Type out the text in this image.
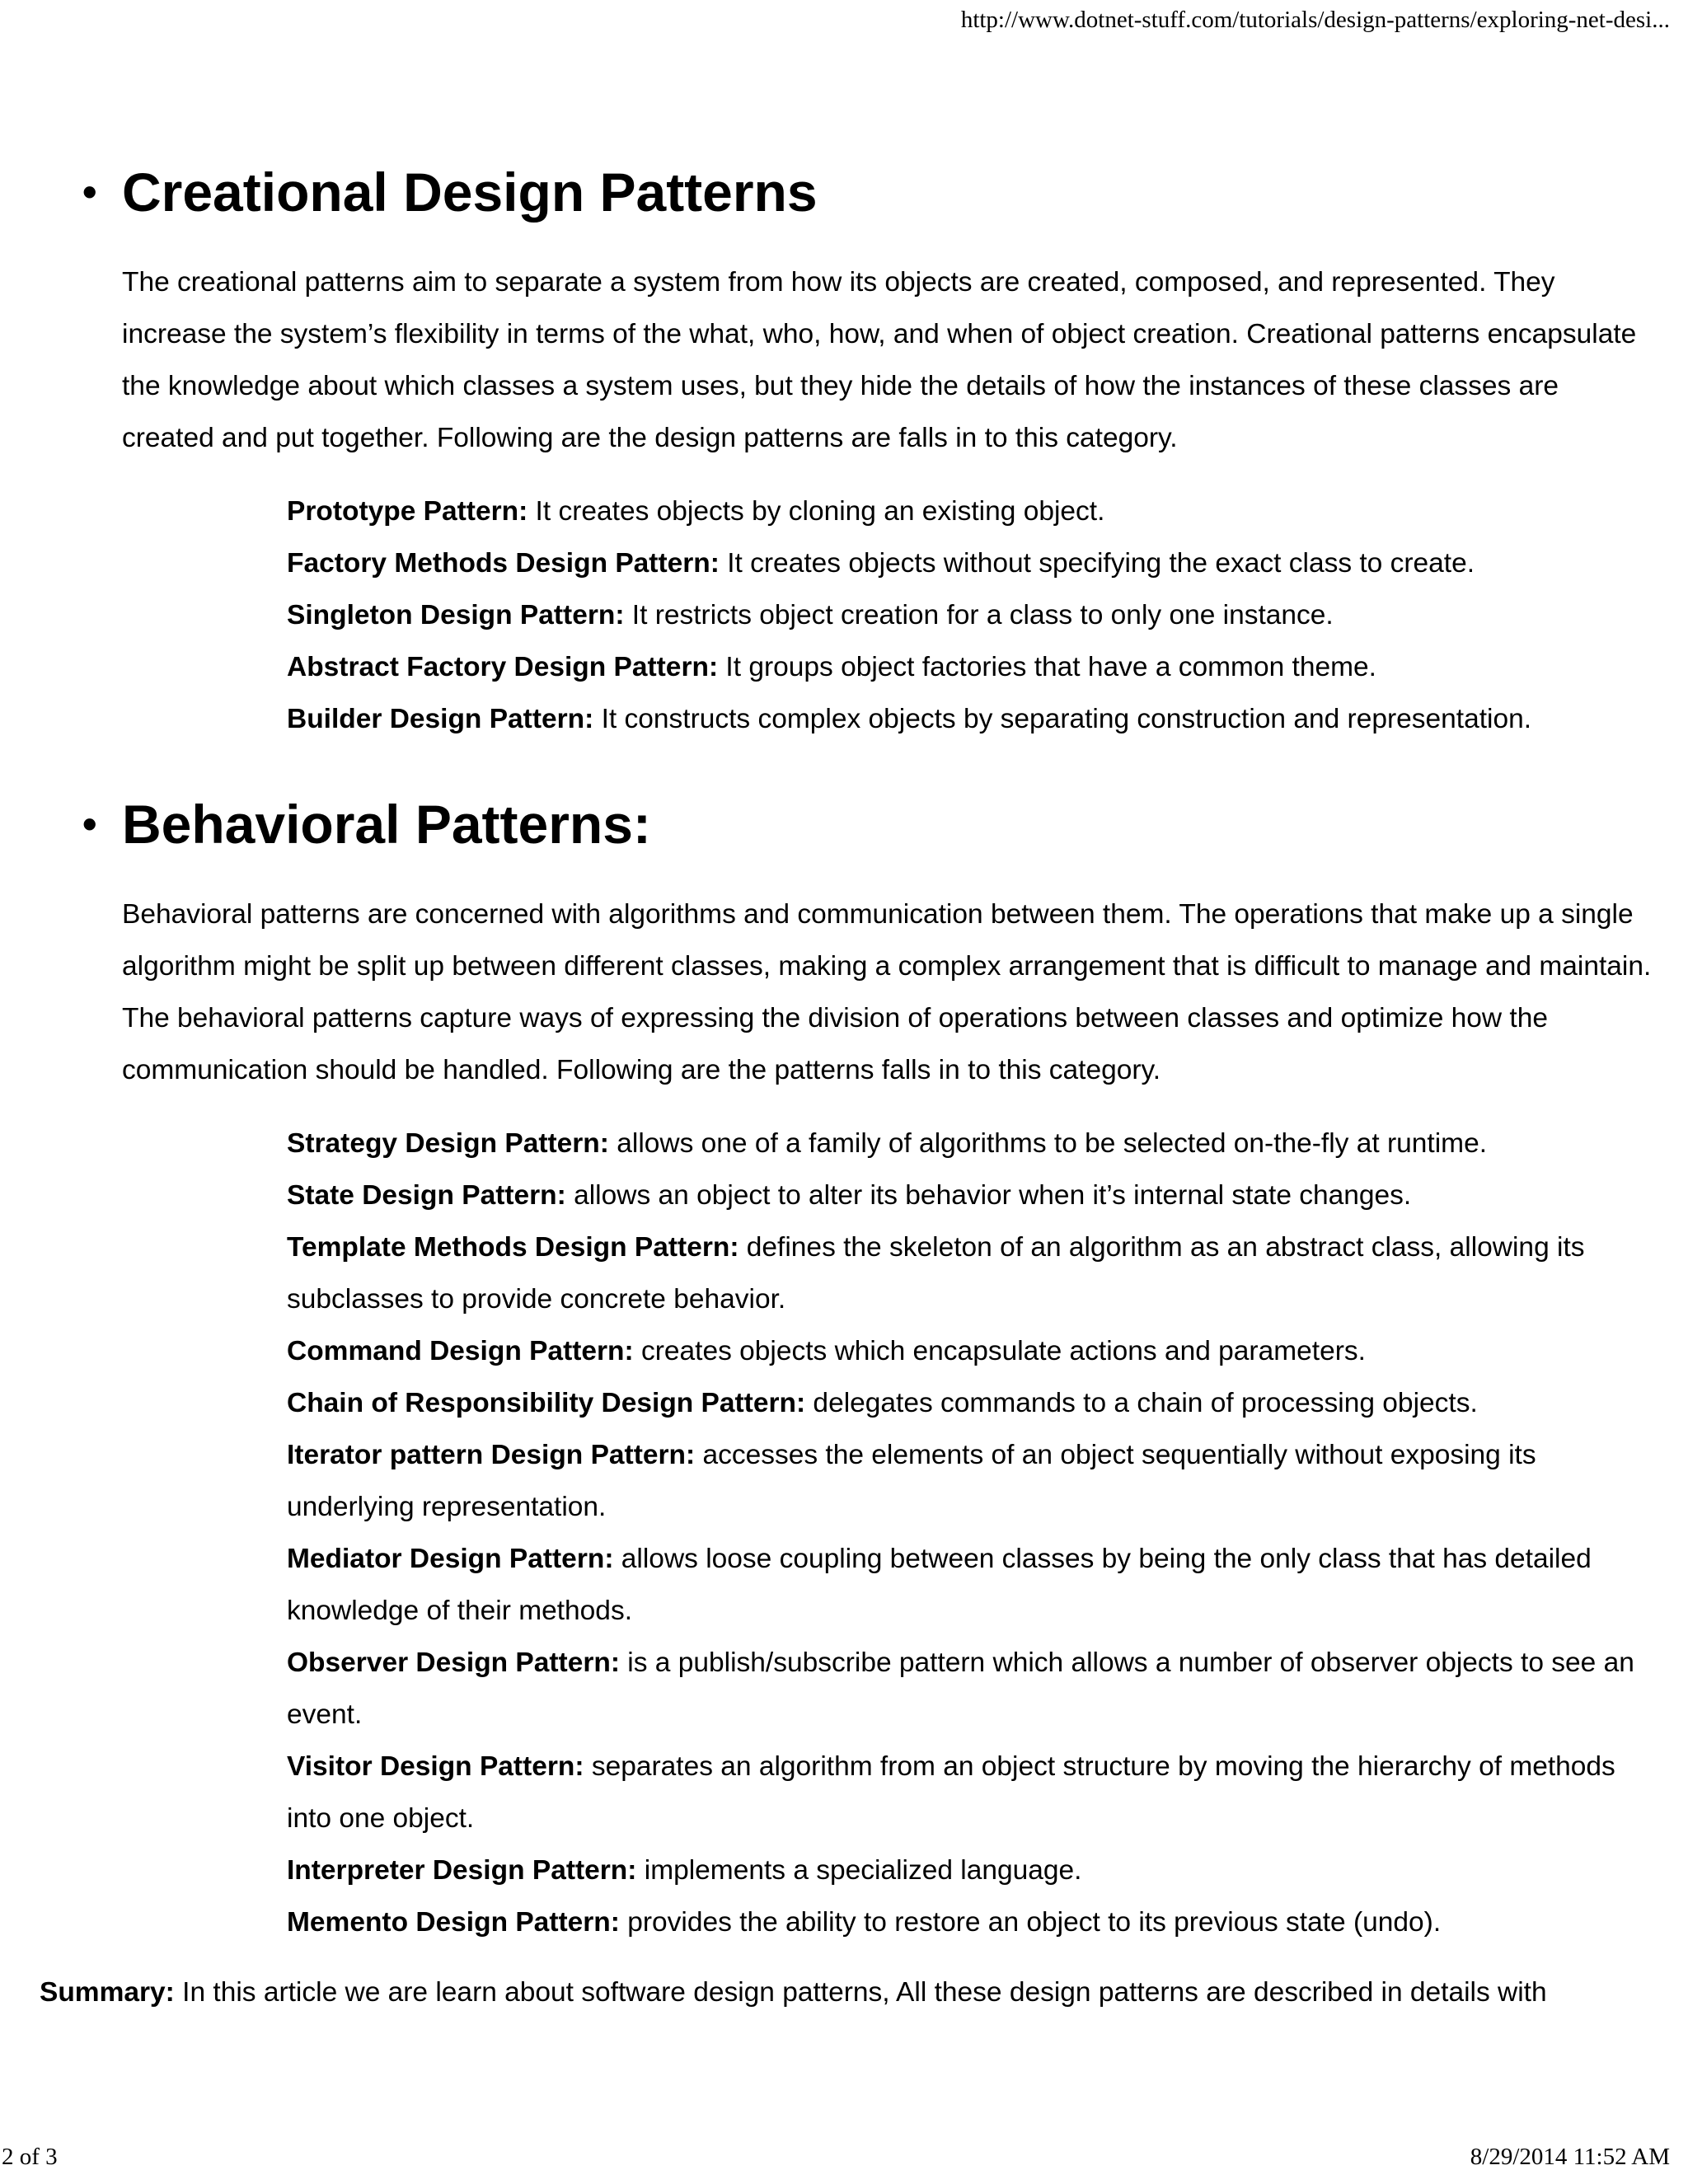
http://www.dotnet-stuff.com/tutorials/design-patterns/exploring-net-desi...
• Creational Design Patterns

The creational patterns aim to separate a system from how its objects are created, composed, and represented. They increase the system’s flexibility in terms of the what, who, how, and when of object creation. Creational patterns encapsulate the knowledge about which classes a system uses, but they hide the details of how the instances of these classes are created and put together. Following are the design patterns are falls in to this category.

Prototype Pattern: It creates objects by cloning an existing object.
Factory Methods Design Pattern: It creates objects without specifying the exact class to create.
Singleton Design Pattern: It restricts object creation for a class to only one instance.
Abstract Factory Design Pattern: It groups object factories that have a common theme.
Builder Design Pattern: It constructs complex objects by separating construction and representation.
• Behavioral Patterns:

Behavioral patterns are concerned with algorithms and communication between them. The operations that make up a single algorithm might be split up between different classes, making a complex arrangement that is difficult to manage and maintain. The behavioral patterns capture ways of expressing the division of operations between classes and optimize how the communication should be handled. Following are the patterns falls in to this category.

Strategy Design Pattern: allows one of a family of algorithms to be selected on-the-fly at runtime.
State Design Pattern: allows an object to alter its behavior when it’s internal state changes.
Template Methods Design Pattern: defines the skeleton of an algorithm as an abstract class, allowing its subclasses to provide concrete behavior.
Command Design Pattern: creates objects which encapsulate actions and parameters.
Chain of Responsibility Design Pattern: delegates commands to a chain of processing objects.
Iterator pattern Design Pattern: accesses the elements of an object sequentially without exposing its underlying representation.
Mediator Design Pattern: allows loose coupling between classes by being the only class that has detailed knowledge of their methods.
Observer Design Pattern: is a publish/subscribe pattern which allows a number of observer objects to see an event.
Visitor Design Pattern: separates an algorithm from an object structure by moving the hierarchy of methods into one object.
Interpreter Design Pattern: implements a specialized language.
Memento Design Pattern: provides the ability to restore an object to its previous state (undo).

Summary: In this article we are learn about software design patterns, All these design patterns are described in details with

2 of 3	8/29/2014 11:52 AM
